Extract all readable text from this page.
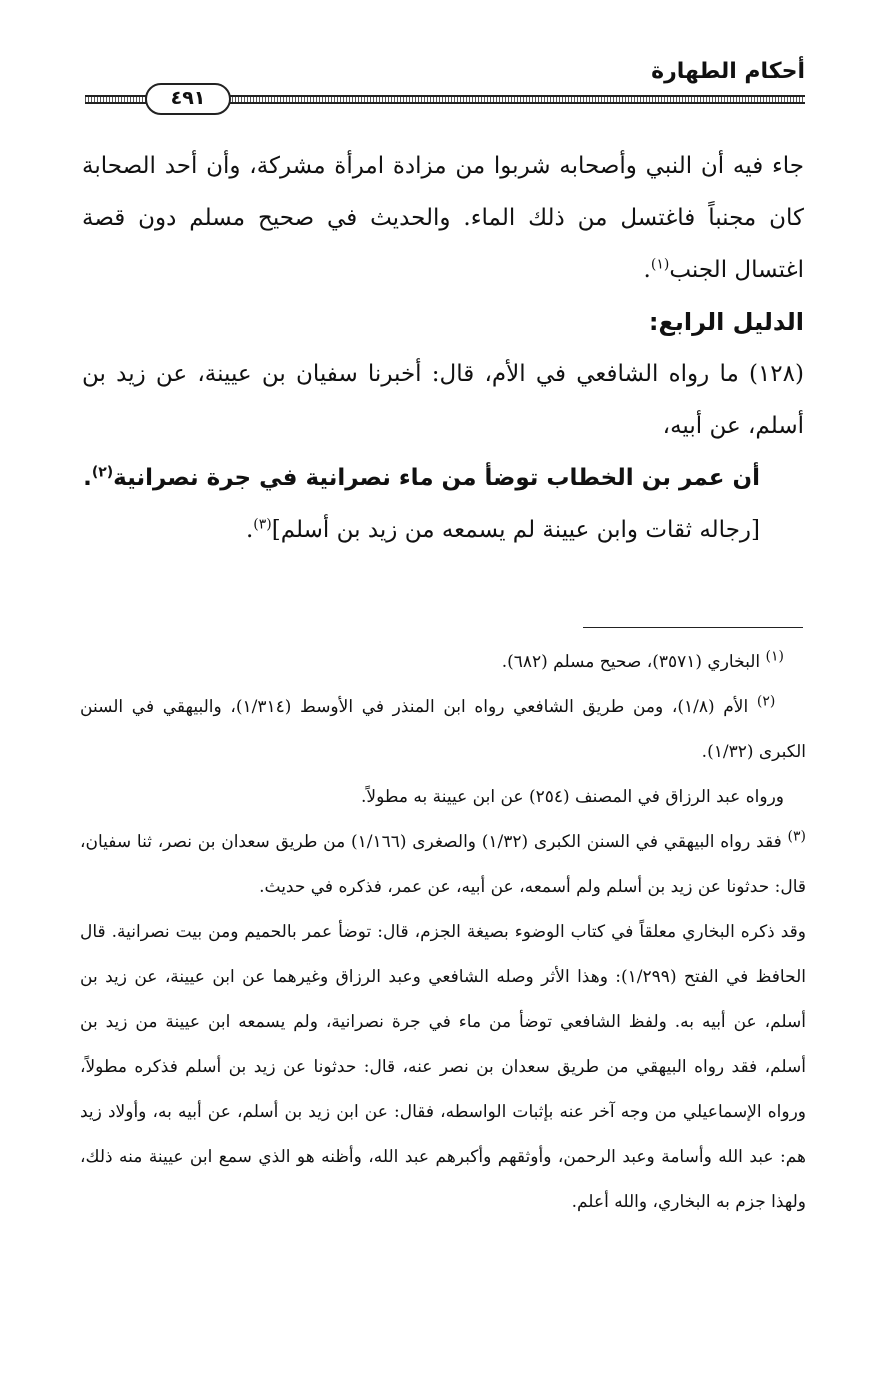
أحكام الطهارة
٤٩١

جاء فيه أن النبي وأصحابه شربوا من مزادة امرأة مشركة، وأن أحد الصحابة كان مجنباً فاغتسل من ذلك الماء. والحديث في صحيح مسلم دون قصة اغتسال الجنب$^{(١)}$.

الدليل الرابع:

(١٢٨) ما رواه الشافعي في الأم، قال: أخبرنا سفيان بن عيينة، عن زيد بن أسلم، عن أبيه،

أن عمر بن الخطاب توضأ من ماء نصرانية في جرة نصرانية$^{(٢)}$.

[رجاله ثقات وابن عيينة لم يسمعه من زيد بن أسلم]$^{(٣)}$.

$^{(١)}$ البخاري (٣٥٧١)، صحيح مسلم (٦٨٢).

$^{(٢)}$ الأم (١/٨)، ومن طريق الشافعي رواه ابن المنذر في الأوسط (١/٣١٤)، والبيهقي في السنن الكبرى (١/٣٢).

ورواه عبد الرزاق في المصنف (٢٥٤) عن ابن عيينة به مطولاً.

$^{(٣)}$ فقد رواه البيهقي في السنن الكبرى (١/٣٢) والصغرى (١/١٦٦) من طريق سعدان بن نصر، ثنا سفيان، قال: حدثونا عن زيد بن أسلم ولم أسمعه، عن أبيه، عن عمر، فذكره في حديث.

وقد ذكره البخاري معلقاً في كتاب الوضوء بصيغة الجزم، قال: توضأ عمر بالحميم ومن بيت نصرانية. قال الحافظ في الفتح (١/٢٩٩): وهذا الأثر وصله الشافعي وعبد الرزاق وغيرهما عن ابن عيينة، عن زيد بن أسلم، عن أبيه به. ولفظ الشافعي توضأ من ماء في جرة نصرانية، ولم يسمعه ابن عيينة من زيد بن أسلم، فقد رواه البيهقي من طريق سعدان بن نصر عنه، قال: حدثونا عن زيد بن أسلم فذكره مطولاً، ورواه الإسماعيلي من وجه آخر عنه بإثبات الواسطه، فقال: عن ابن زيد بن أسلم، عن أبيه به، وأولاد زيد هم: عبد الله وأسامة وعبد الرحمن، وأوثقهم وأكبرهم عبد الله، وأظنه هو الذي سمع ابن عيينة منه ذلك، ولهذا جزم به البخاري، والله أعلم.
